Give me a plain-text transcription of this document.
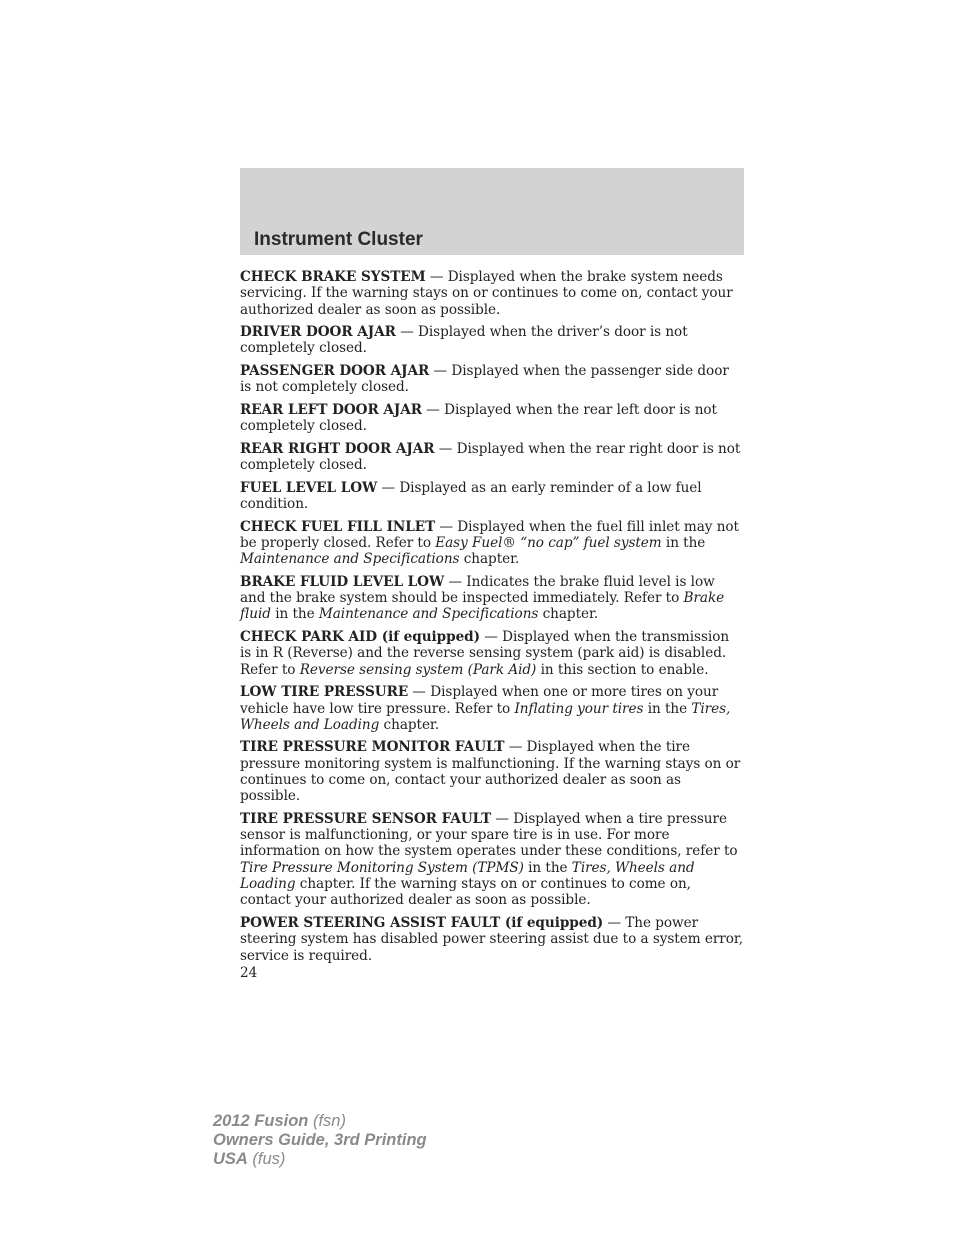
Instrument Cluster

CHECK BRAKE SYSTEM — Displayed when the brake system needs servicing. If the warning stays on or continues to come on, contact your authorized dealer as soon as possible.

DRIVER DOOR AJAR — Displayed when the driver’s door is not completely closed.

PASSENGER DOOR AJAR — Displayed when the passenger side door is not completely closed.

REAR LEFT DOOR AJAR — Displayed when the rear left door is not completely closed.

REAR RIGHT DOOR AJAR — Displayed when the rear right door is not completely closed.

FUEL LEVEL LOW — Displayed as an early reminder of a low fuel condition.

CHECK FUEL FILL INLET — Displayed when the fuel fill inlet may not be properly closed. Refer to Easy Fuel® “no cap” fuel system in the Maintenance and Specifications chapter.

BRAKE FLUID LEVEL LOW — Indicates the brake fluid level is low and the brake system should be inspected immediately. Refer to Brake fluid in the Maintenance and Specifications chapter.

CHECK PARK AID (if equipped) — Displayed when the transmission is in R (Reverse) and the reverse sensing system (park aid) is disabled. Refer to Reverse sensing system (Park Aid) in this section to enable.

LOW TIRE PRESSURE — Displayed when one or more tires on your vehicle have low tire pressure. Refer to Inflating your tires in the Tires, Wheels and Loading chapter.

TIRE PRESSURE MONITOR FAULT — Displayed when the tire pressure monitoring system is malfunctioning. If the warning stays on or continues to come on, contact your authorized dealer as soon as possible.

TIRE PRESSURE SENSOR FAULT — Displayed when a tire pressure sensor is malfunctioning, or your spare tire is in use. For more information on how the system operates under these conditions, refer to Tire Pressure Monitoring System (TPMS) in the Tires, Wheels and Loading chapter. If the warning stays on or continues to come on, contact your authorized dealer as soon as possible.

POWER STEERING ASSIST FAULT (if equipped) — The power steering system has disabled power steering assist due to a system error, service is required.

24
2012 Fusion (fsn)
Owners Guide, 3rd Printing
USA (fus)
